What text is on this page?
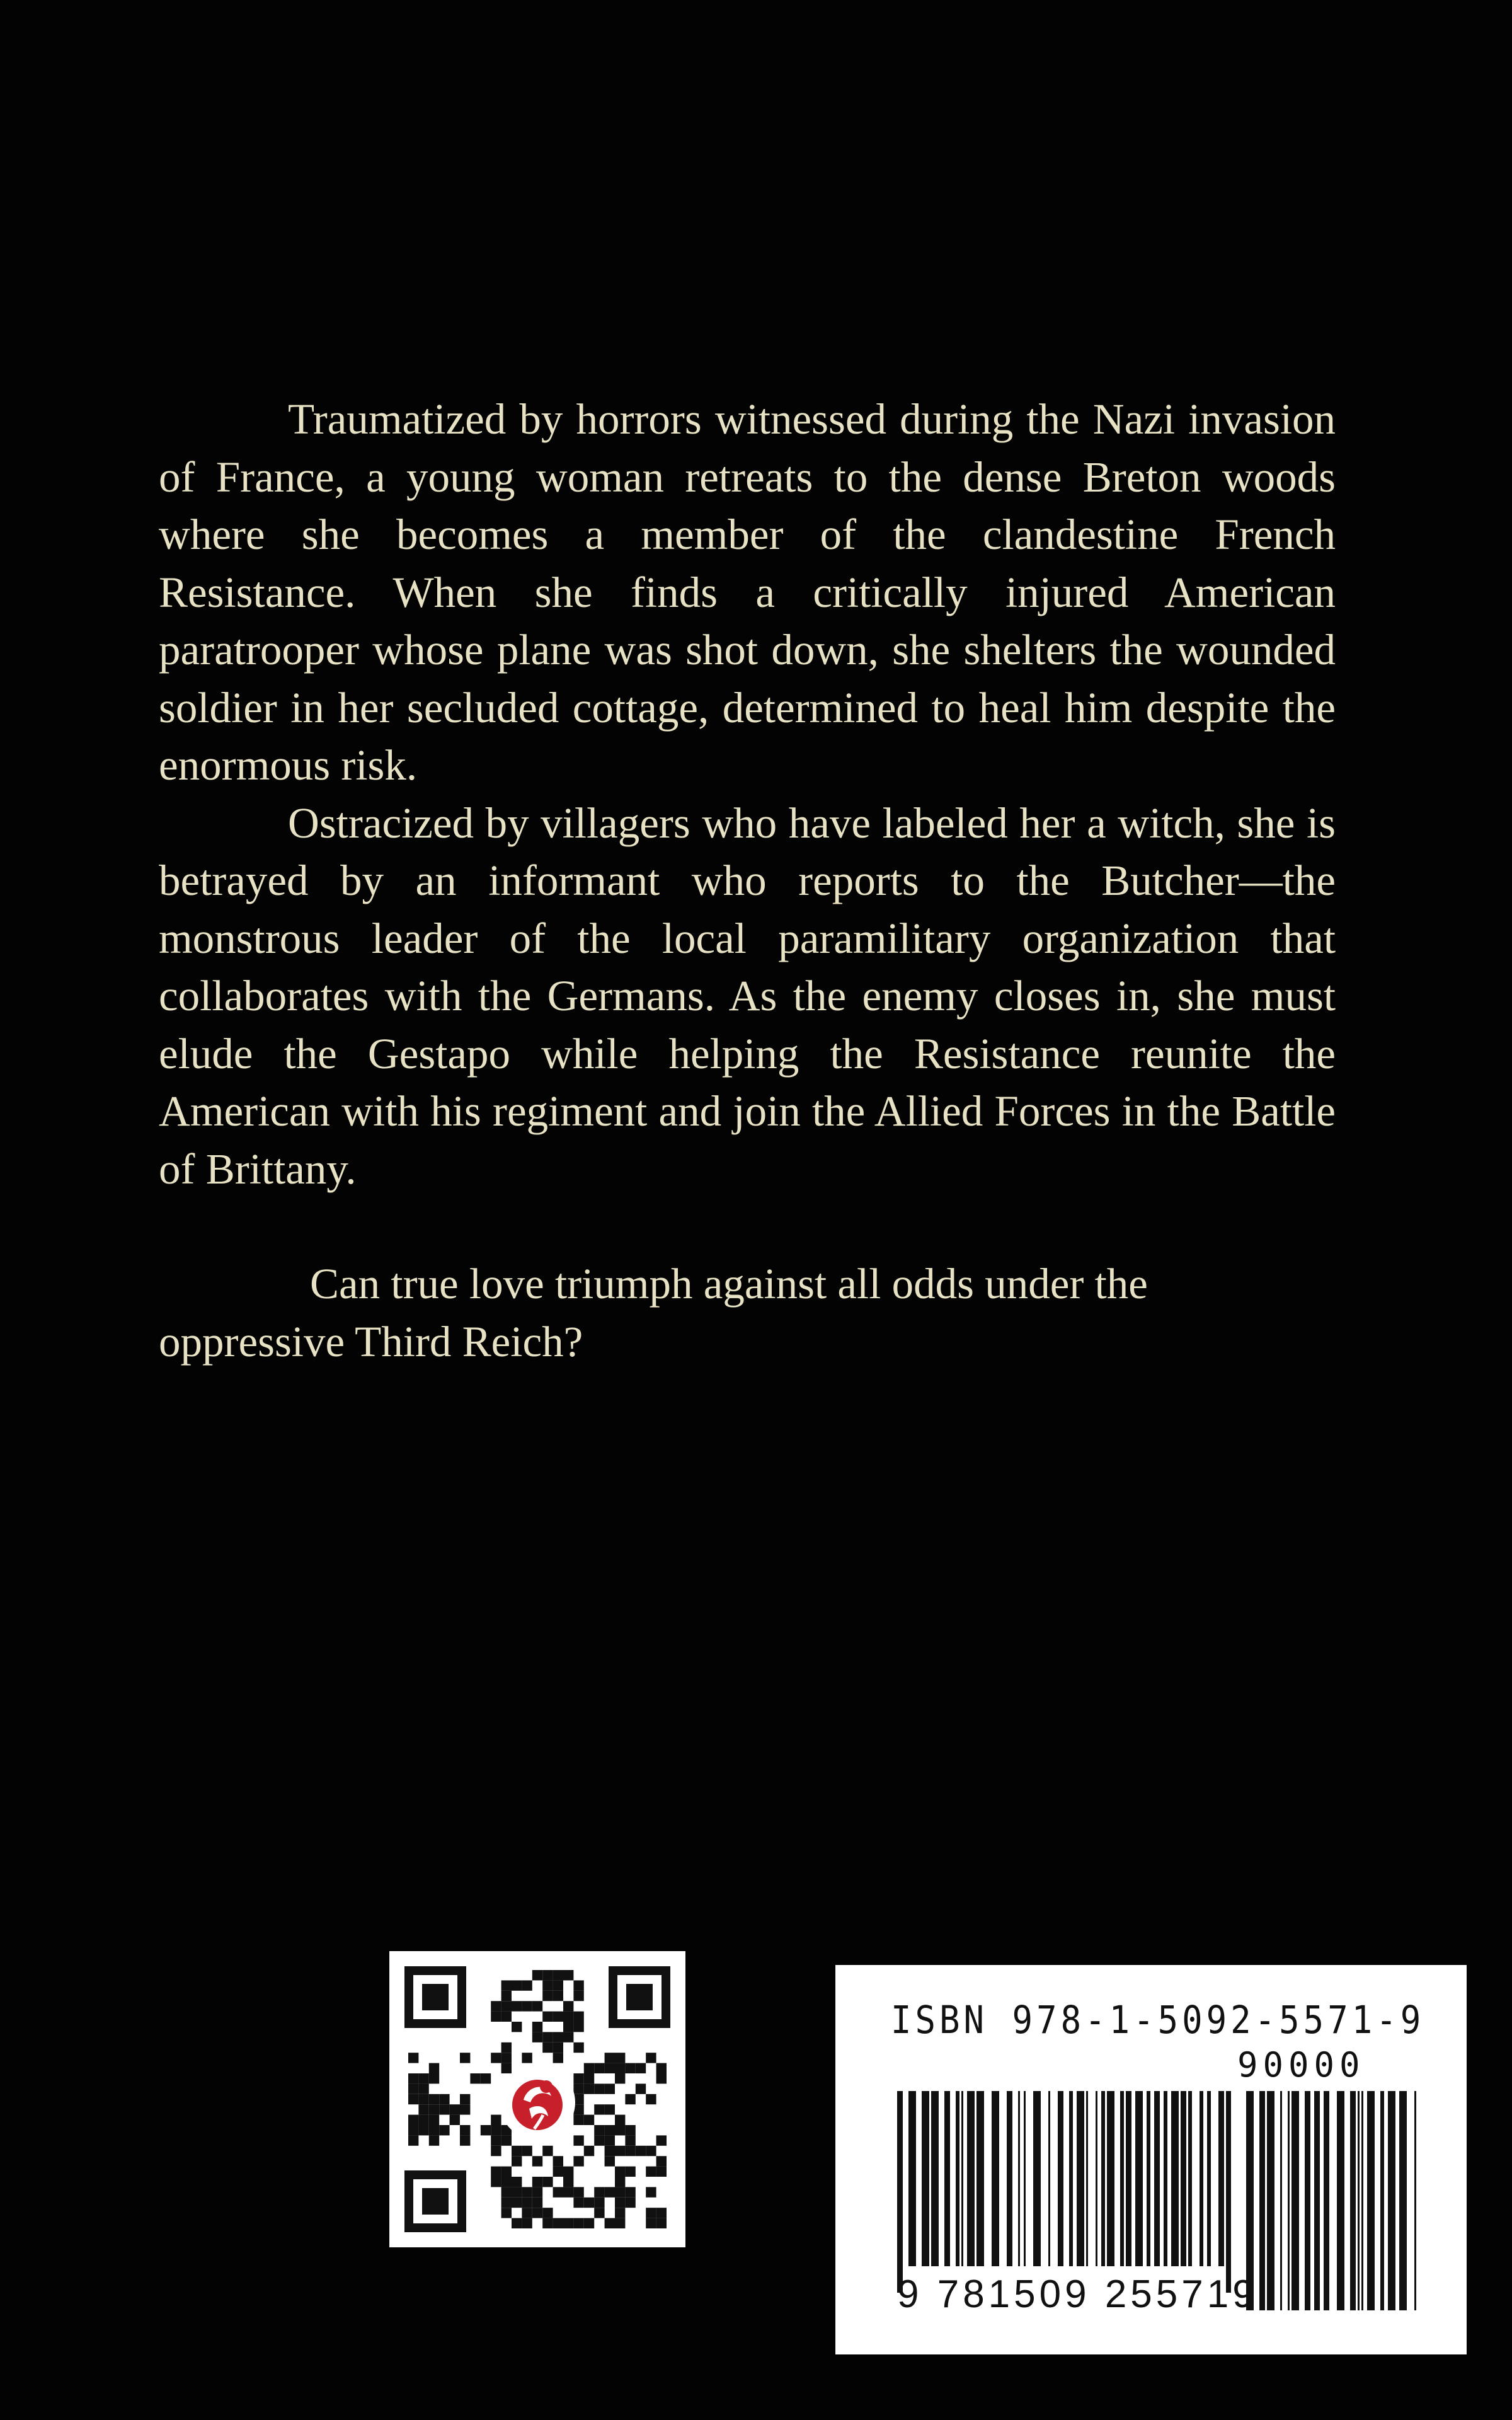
Traumatized by horrors witnessed during the Nazi invasion of France, a young woman retreats to the dense Breton woods where she becomes a member of the clandestine French Resistance. When she finds a critically injured American paratrooper whose plane was shot down, she shelters the wounded soldier in her secluded cottage, determined to heal him despite the enormous risk.

Ostracized by villagers who have labeled her a witch, she is betrayed by an informant who reports to the Butcher—the monstrous leader of the local paramilitary organization that collaborates with the Germans. As the enemy closes in, she must elude the Gestapo while helping the Resistance reunite the American with his regiment and join the Allied Forces in the Battle of Brittany.

Can true love triumph against all odds under the oppressive Third Reich?

ISBN 978-1-5092-5571-9
90000
9 781509 255719
